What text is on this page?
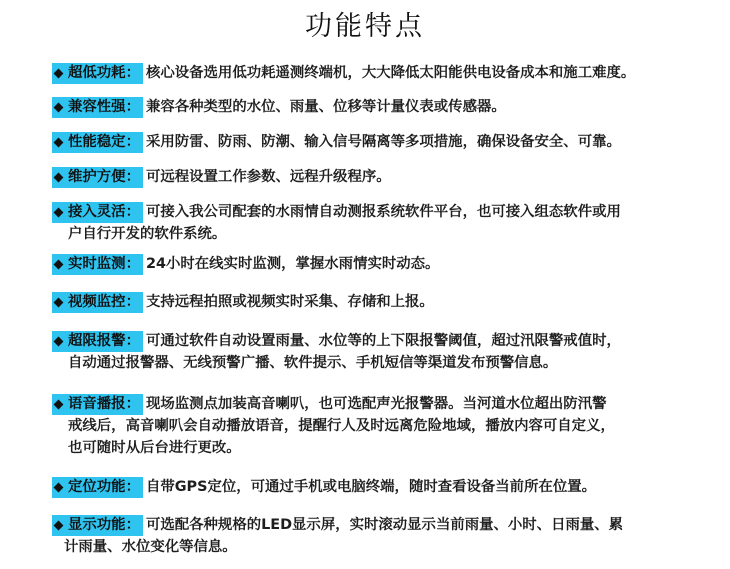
功能特点
超低功耗： 核心设备选用低功耗遥测终端机，大大降低太阳能供电设备成本和施工难度。
兼容性强： 兼容各种类型的水位、雨量、位移等计量仪表或传感器。
性能稳定： 采用防雷、防雨、防潮、输入信号隔离等多项措施，确保设备安全、可靠。
维护方便： 可远程设置工作参数、远程升级程序。
接入灵活： 可接入我公司配套的水雨情自动测报系统软件平台，也可接入组态软件或用
户自行开发的软件系统。
实时监测： 24小时在线实时监测，掌握水雨情实时动态。
视频监控： 支持远程拍照或视频实时采集、存储和上报。
超限报警： 可通过软件自动设置雨量、水位等的上下限报警阈值，超过汛限警戒值时，
自动通过报警器、无线预警广播、软件提示、手机短信等渠道发布预警信息。
语音播报： 现场监测点加装高音喇叭，也可选配声光报警器。当河道水位超出防汛警
戒线后，高音喇叭会自动播放语音，提醒行人及时远离危险地域，播放内容可自定义，
也可随时从后台进行更改。
定位功能： 自带GPS定位，可通过手机或电脑终端，随时查看设备当前所在位置。
显示功能： 可选配各种规格的LED显示屏，实时滚动显示当前雨量、小时、日雨量、累
计雨量、水位变化等信息。
